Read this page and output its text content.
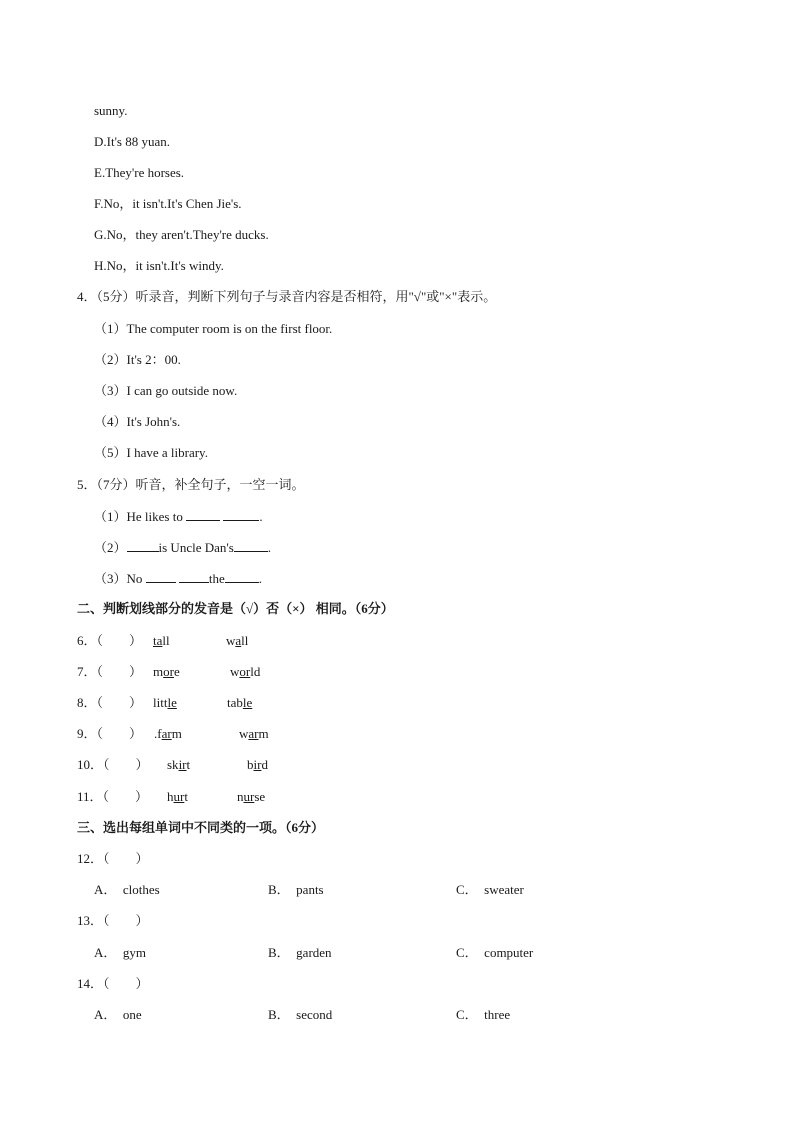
sunny.
D.It's 88 yuan.
E.They're horses.
F.No，it isn't.It's Chen Jie's.
G.No，they aren't.They're ducks.
H.No，it isn't.It's windy.
4．（5分）听录音，判断下列句子与录音内容是否相符，用"√"或"×"表示。
（1）The computer room is on the first floor.
（2）It's 2：00.
（3）I can go outside now.
（4）It's John's.
（5）I have a library.
5．（7分）听音，补全句子，一空一词。
（1）He likes to	.
（2） is Uncle Dan's	.
（3）No	the	.
二、判断划线部分的发音是（√）否（×） 相同。（6分）
6．（　　） tall	wall
7．（　　） more	world
8．（　　） little	table
9．（　　） .farm	warm
10．（　　） skirt	bird
11．（　　） hurt	nurse
三、选出每组单词中不同类的一项。（6分）
12．（　　）
A． clothes	B． pants	C． sweater
13．（　　）
A． gym	B． garden	C． computer
14．（　　）
A． one	B． second	C． three
